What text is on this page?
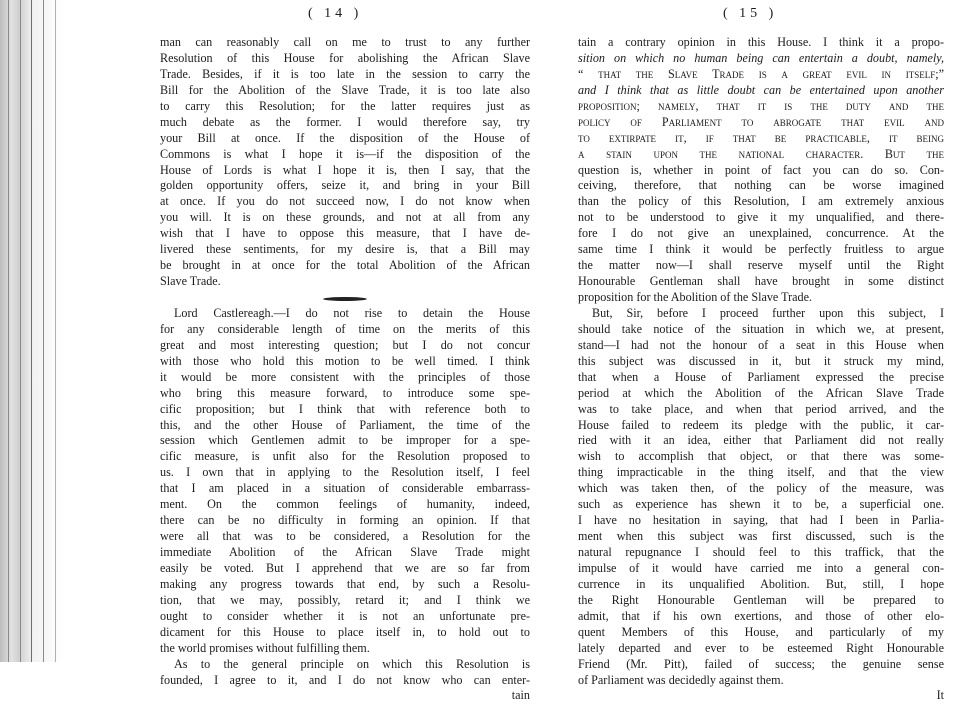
( 14 )
man can reasonably call on me to trust to any further
Resolution of this House for abolishing the African Slave
Trade. Besides, if it is too late in the session to carry the
Bill for the Abolition of the Slave Trade, it is too late also
to carry this Resolution; for the latter requires just as
much debate as the former. I would therefore say, try
your Bill at once. If the disposition of the House of
Commons is what I hope it is—if the disposition of the
House of Lords is what I hope it is, then I say, that the
golden opportunity offers, seize it, and bring in your Bill
at once. If you do not succeed now, I do not know when
you will. It is on these grounds, and not at all from any
wish that I have to oppose this measure, that I have de-
livered these sentiments, for my desire is, that a Bill may
be brought in at once for the total Abolition of the African
Slave Trade.
Lord Castlereagh.—I do not rise to detain the House
for any considerable length of time on the merits of this
great and most interesting question; but I do not concur
with those who hold this motion to be well timed. I think
it would be more consistent with the principles of those
who bring this measure forward, to introduce some spe-
cific proposition; but I think that with reference both to
this, and the other House of Parliament, the time of the
session which Gentlemen admit to be improper for a spe-
cific measure, is unfit also for the Resolution proposed to
us. I own that in applying to the Resolution itself, I feel
that I am placed in a situation of considerable embarrass-
ment. On the common feelings of humanity, indeed,
there can be no difficulty in forming an opinion. If that
were all that was to be considered, a Resolution for the
immediate Abolition of the African Slave Trade might
easily be voted. But I apprehend that we are so far from
making any progress towards that end, by such a Resolu-
tion, that we may, possibly, retard it; and I think we
ought to consider whether it is not an unfortunate pre-
dicament for this House to place itself in, to hold out to
the world promises without fulfilling them.
As to the general principle on which this Resolution is
founded, I agree to it, and I do not know who can enter-
tain
( 15 )
tain a contrary opinion in this House. I think it a propo-
sition on which no human being can entertain a doubt, namely,
“ that the Slave Trade is a great evil in itself;”
and I think that as little doubt can be entertained upon another
proposition; namely, that it is the duty and the
policy of Parliament to abrogate that evil and
to extirpate it, if that be practicable, it being
a stain upon the national character. But the
question is, whether in point of fact you can do so. Con-
ceiving, therefore, that nothing can be worse imagined
than the policy of this Resolution, I am extremely anxious
not to be understood to give it my unqualified, and there-
fore I do not give an unexplained, concurrence. At the
same time I think it would be perfectly fruitless to argue
the matter now—I shall reserve myself until the Right
Honourable Gentleman shall have brought in some distinct
proposition for the Abolition of the Slave Trade.
But, Sir, before I proceed further upon this subject, I
should take notice of the situation in which we, at present,
stand—I had not the honour of a seat in this House when
this subject was discussed in it, but it struck my mind,
that when a House of Parliament expressed the precise
period at which the Abolition of the African Slave Trade
was to take place, and when that period arrived, and the
House failed to redeem its pledge with the public, it car-
ried with it an idea, either that Parliament did not really
wish to accomplish that object, or that there was some-
thing impracticable in the thing itself, and that the view
which was taken then, of the policy of the measure, was
such as experience has shewn it to be, a superficial one.
I have no hesitation in saying, that had I been in Parlia-
ment when this subject was first discussed, such is the
natural repugnance I should feel to this traffick, that the
impulse of it would have carried me into a general con-
currence in its unqualified Abolition. But, still, I hope
the Right Honourable Gentleman will be prepared to
admit, that if his own exertions, and those of other elo-
quent Members of this House, and particularly of my
lately departed and ever to be esteemed Right Honourable
Friend (Mr. Pitt), failed of success; the genuine sense
of Parliament was decidedly against them.
It
